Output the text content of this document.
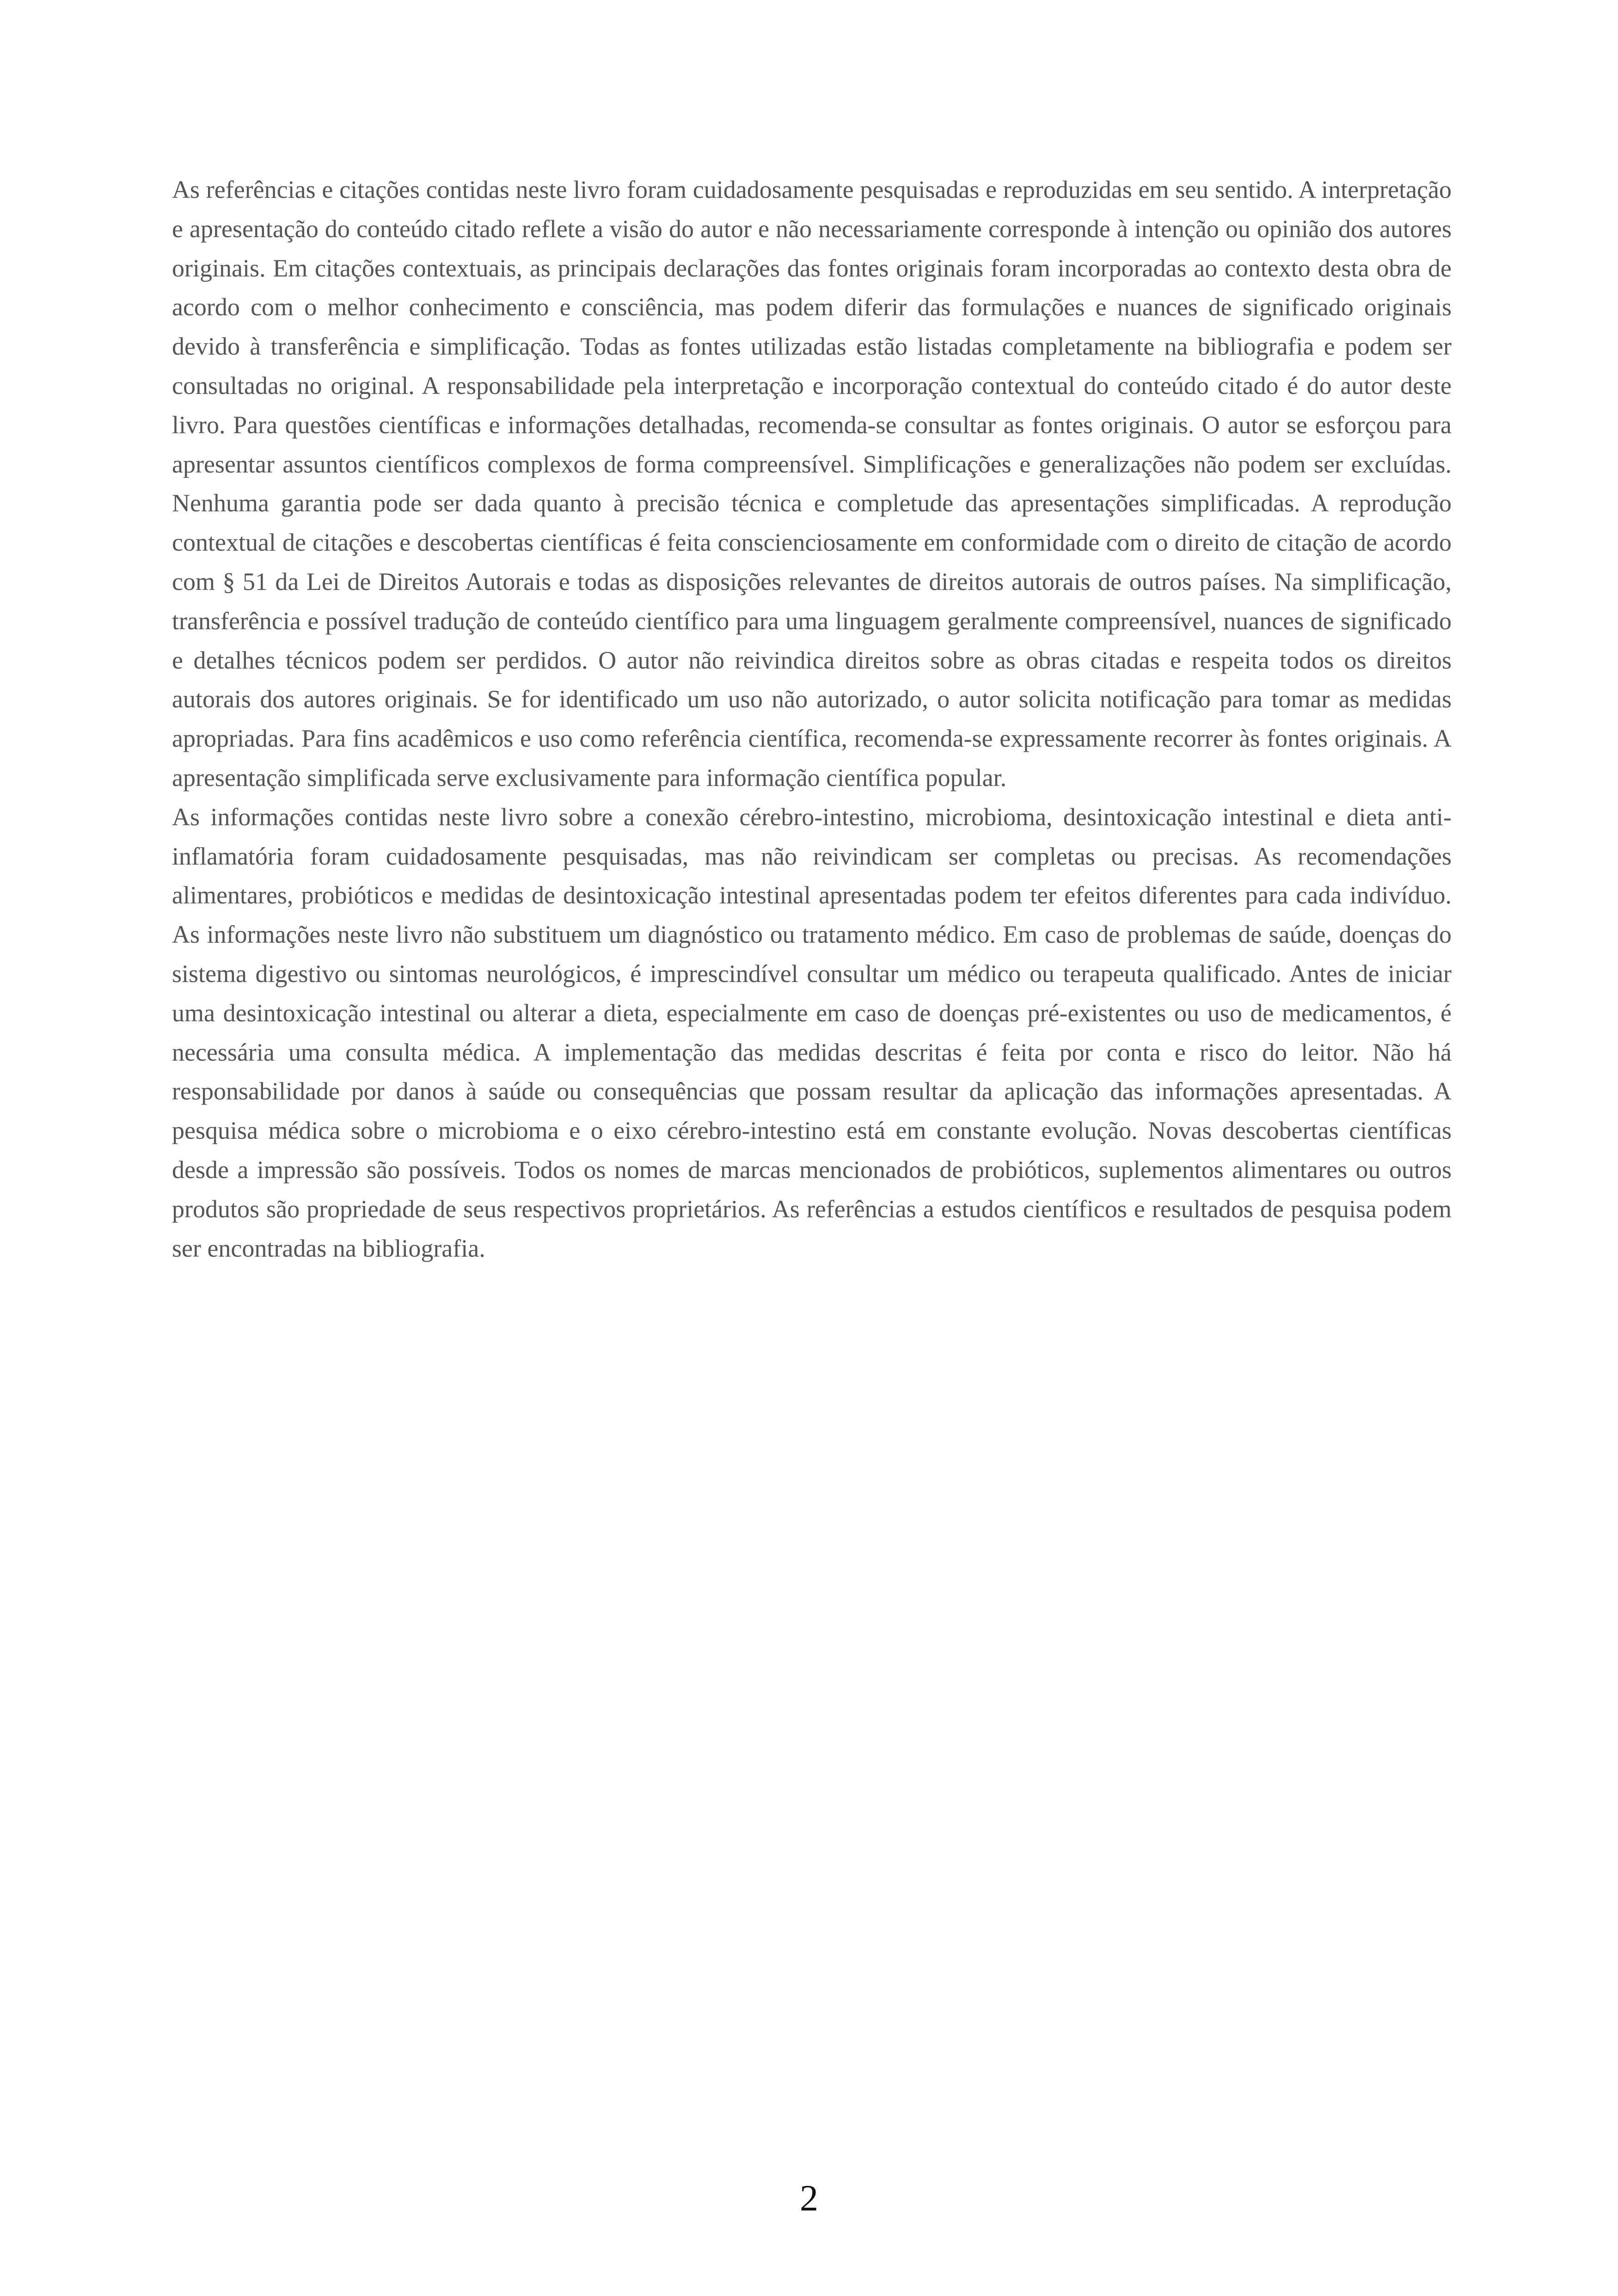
As referências e citações contidas neste livro foram cuidadosamente pesquisadas e reproduzidas em seu sentido. A interpretação e apresentação do conteúdo citado reflete a visão do autor e não necessariamente corresponde à intenção ou opinião dos autores originais. Em citações contextuais, as principais declarações das fontes originais foram incorporadas ao contexto desta obra de acordo com o melhor conhecimento e consciência, mas podem diferir das formulações e nuances de significado originais devido à transferência e simplificação. Todas as fontes utilizadas estão listadas completamente na bibliografia e podem ser consultadas no original. A responsabilidade pela interpretação e incorporação contextual do conteúdo citado é do autor deste livro. Para questões científicas e informações detalhadas, recomenda-se consultar as fontes originais. O autor se esforçou para apresentar assuntos científicos complexos de forma compreensível. Simplificações e generalizações não podem ser excluídas. Nenhuma garantia pode ser dada quanto à precisão técnica e completude das apresentações simplificadas. A reprodução contextual de citações e descobertas científicas é feita conscienciosamente em conformidade com o direito de citação de acordo com § 51 da Lei de Direitos Autorais e todas as disposições relevantes de direitos autorais de outros países. Na simplificação, transferência e possível tradução de conteúdo científico para uma linguagem geralmente compreensível, nuances de significado e detalhes técnicos podem ser perdidos. O autor não reivindica direitos sobre as obras citadas e respeita todos os direitos autorais dos autores originais. Se for identificado um uso não autorizado, o autor solicita notificação para tomar as medidas apropriadas. Para fins acadêmicos e uso como referência científica, recomenda-se expressamente recorrer às fontes originais. A apresentação simplificada serve exclusivamente para informação científica popular.

As informações contidas neste livro sobre a conexão cérebro-intestino, microbioma, desintoxicação intestinal e dieta anti-inflamatória foram cuidadosamente pesquisadas, mas não reivindicam ser completas ou precisas. As recomendações alimentares, probióticos e medidas de desintoxicação intestinal apresentadas podem ter efeitos diferentes para cada indivíduo. As informações neste livro não substituem um diagnóstico ou tratamento médico. Em caso de problemas de saúde, doenças do sistema digestivo ou sintomas neurológicos, é imprescindível consultar um médico ou terapeuta qualificado. Antes de iniciar uma desintoxicação intestinal ou alterar a dieta, especialmente em caso de doenças pré-existentes ou uso de medicamentos, é necessária uma consulta médica. A implementação das medidas descritas é feita por conta e risco do leitor. Não há responsabilidade por danos à saúde ou consequências que possam resultar da aplicação das informações apresentadas. A pesquisa médica sobre o microbioma e o eixo cérebro-intestino está em constante evolução. Novas descobertas científicas desde a impressão são possíveis. Todos os nomes de marcas mencionados de probióticos, suplementos alimentares ou outros produtos são propriedade de seus respectivos proprietários. As referências a estudos científicos e resultados de pesquisa podem ser encontradas na bibliografia.

2
